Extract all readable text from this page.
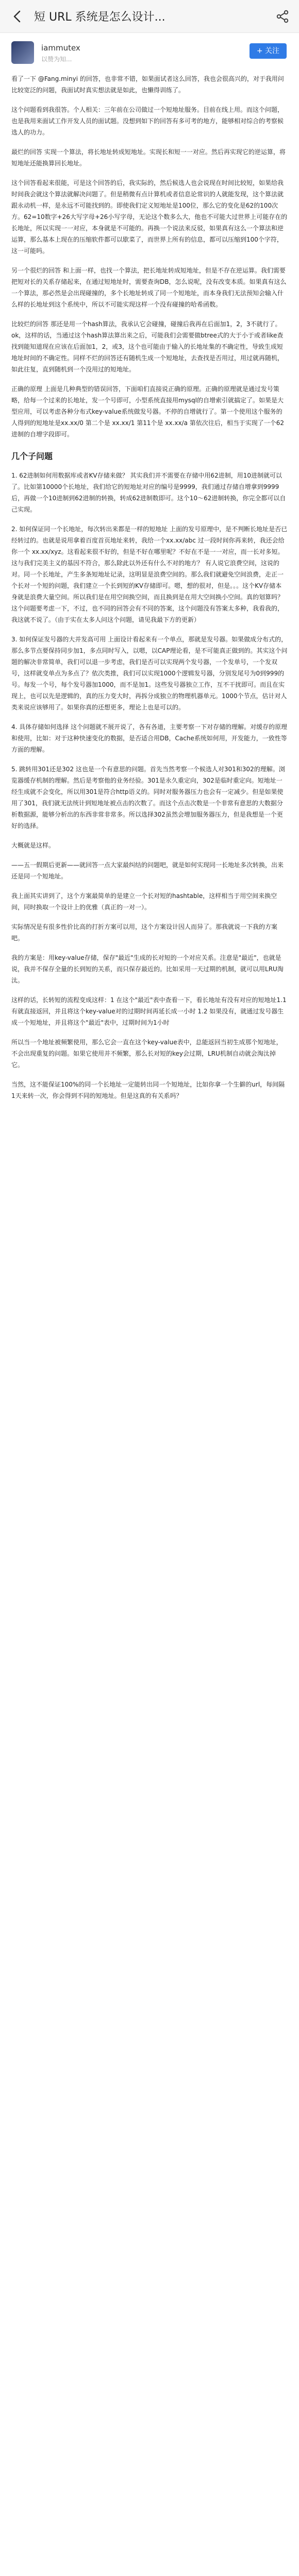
短 URL 系统是怎么设计...
iammutex
以赞为知...
+ 关注

看了一下 @Fang.minyi 的回答，也非常不错，如果面试者这么回答，我也会很高兴的，对于我用问比较宽泛的问题，我面试时真实想法就是如此，也懒得训练了。

这个问题看到我很答。个人相关：三年前在公司做过一个短地址服务。目前在线上用。而这个问题，也是我用来面试工作开发人员的面试题。没想到如下的回答有多可考的地方，能够相对综合的考察候选人的功力。

最烂的回答 实现一个算法，将长地址转成短地址。实现长和短一一对应。然后再实现它的逆运算，将短地址还能换算回长地址。

这个回答看起来很能，可是这个回答的后，我实际的，然后候选人也会说现在时间比较短，如果给我时间我会就这个算法就解决问题了。但是稍微有点计算机或者信息论常识的人就能发现，这个算法就跟永动机一样，是永远不可能找到的。即使我们定义短地址是100位，那么它的变化是62的100次方。62=10数字+26大写字母+26小写字母，无论这个数多么大，他也不可能大过世界上可能存在的长地址，所以实现一一对应，本身就是不可能的。再换一个说法来反驳，如果真有这么一个算法和逆运算，那么基本上现在的压缩软件都可以歇菜了，而世界上所有的信息，都可以压缩到100个字符，这一可能吗。

另一个很烂的回答 和上面一样，也找一个算法，把长地址转成短地址，但是不存在逆运算。我们需要把短对长的关系存储起来，在通过短地址时，需要查询DB，怎么说呢，没有改变本质。如果真有这么一个算法，那必然是会出现碰撞的，多个长地址转成了同一个短地址，而本身我们无法预知会输入什么样的长地址到这个系统中，所以不可能实现这样一个没有碰撞的哈希函数。

比较烂的回答 那还是用一个hash算法，我承认它会碰撞，碰撞后我再在后面加1，2，3不就行了。ok，这样的话，当通过这个hash算法算出来之后，可能我们会需要做btree式的大于小于或者like查找到能知道现在应该在后面加1，2，或3，这个也可能由于输入的长地址集的不确定性，导致生成短地址时间的不确定性。同样不烂的回答还有随机生成一个短地址，去查找是否用过，用过就再随机，如此往复，直到随机到一个没用过的短地址。

正确的原理 上面是几种典型的错误回答，下面咱们直接说正确的原理。正确的原理就是通过发号策略，给每一个过来的长地址，发一个号即可，小型系统直接用mysql的自增索引就搞定了。如果是大型应用，可以考虑各种分布式key-value系统做发号器。不停的自增就行了。第一个使用这个服务的人得到的短地址是xx.xx/0 第二个是 xx.xx/1 第11个是 xx.xx/a 第依次往后，相当于实现了一个62进制的自增字段即可。

几个子问题

1. 62进制如何用数据库或者KV存储来做？ 其实我们并不需要在存储中用62进制，用10进制就可以了。比如第10000个长地址，我们给它的短地址对应的编号是9999，我们通过存储自增拿到9999后，再做一个10进制到62进制的转换，转成62进制数即可。这个10～62进制转换，你完全都可以自己实现。

2. 如何保证同一个长地址，每次转出来都是一样的短地址 上面的发号原理中，是不判断长地址是否已经转过的。也就是说用拿着百度首页地址来转，我给一个xx.xx/abc 过一段时间你再来转，我还会给你一个 xx.xx/xyz。这看起来很不好的，但是不好在哪里呢？不好在不是一一对应，而一长对多短。这与我们完美主义的基因不符合，那么除此以外还有什么不对的地方？ 有人说它浪费空间，这说的对。同一个长地址，产生多条短地址记录，这明显是浪费空间的。那么我们就避免空间浪费，走正一个长对一个短的问题，我们建立一个长到短的KV存储即可。嗯，想的很对，但是。。。这个KV存储本身就是浪费大量空间。所以我们是在用空间换空间，而且换到是在用大空间换小空间。真的划算吗？这个问题要考虑一下，不过，也不同的回答会有不同的答案，这个问题没有答案太多种，我看我的，我这就不说了。（由于实在太多人问这个问题，请见我最下方的更新）

3. 如何保证发号器的大并发高可用 上面设计看起来有一个单点，那就是发号器。如果做成分布式的，那么多节点要保持同步加1，多点同时写入，以嗯，以CAP理论看，是不可能真正做到的。其实这个问题的解决非常简单，我们可以退一步考虑，我们是否可以实现两个发号器，一个发单号，一个发双号，这样就变单点为多点了？依次类推，我们可以实现1000个逻辑发号器，分别发尾号为0到999的号。每发一个号，每个发号器加1000，而不是加1。这些发号器独立工作，互不干扰即可。而且在实现上，也可以先是逻辑的，真的压力变大时，再拆分成独立的物理机器单元。1000个节点，估计对人类来说应该够用了。如果你真的还想更多，理论上也是可以的。

4. 具体存储如何选择 这个问题就不展开说了，各有各道，主要考察一下对存储的理解。对缓存的原理和使用，比如：对于这种快速变化的数据，是否适合用DB，Cache系统如何用，开发能力，一致性等方面的理解。

5. 跳转用301还是302 这也是一个有意思的问题。首先当然考察一个候选人对301和302的理解。浏览器缓存机制的理解。然后是考察他的业务经验。301是永久重定向，302是临时重定向。短地址一经生成就不会变化，所以用301是符合http语义的。同时对服务器压力也会有一定减少。但是如果使用了301，我们就无法统计到短地址被点击的次数了。而这个点击次数是一个非常有意思的大数据分析数据源，能够分析出的东西非常非常多。所以选择302虽然会增加服务器压力，但是我想是一个更好的选择。

大概就是这样。

——五一假期后更新——就回答一点大家最纠结的问题吧，就是如何实现同一长地址多次转换，出来还是同一个短地址。

我上面其实讲到了，这个方案最简单的是建立一个长对短的hashtable，这样相当于用空间来换空间，同时换取一个设计上的优雅（真正的一对一）。

实际情况是有很多性价比高的打折方案可以用，这个方案设计因人而异了。那我就说一下我的方案吧。

我的方案是：用key-value存储，保存"最近"生成的长对短的一个对应关系。注意是"最近"，也就是说，我并不保存全量的长到短的关系，而只保存最近的。比如采用一天过期的机制，就可以用LRU淘汰。

这样的话，长转短的流程变成这样：1 在这个"最近"表中查看一下，看长地址有没有对应的短地址1.1 有就直接返回，并且将这个key-value对的过期时间再延长成一小时 1.2 如果没有，就通过发号器生成一个短地址，并且将这个"最近"表中，过期时间为1小时

所以当一个地址被频繁使用，那么它会一直在这个key-value表中，总能返回当初生成那个短地址，不会出现重复的问题。如果它使用并不频繁，那么长对短的key会过期，LRU机制自动就会淘汰掉它。

当然，这不能保证100%的同一个长地址一定能转出同一个短地址，比如你拿一个生僻的url，每间隔1天来转一次，你会得到不同的短地址。但是这真的有关系吗？
